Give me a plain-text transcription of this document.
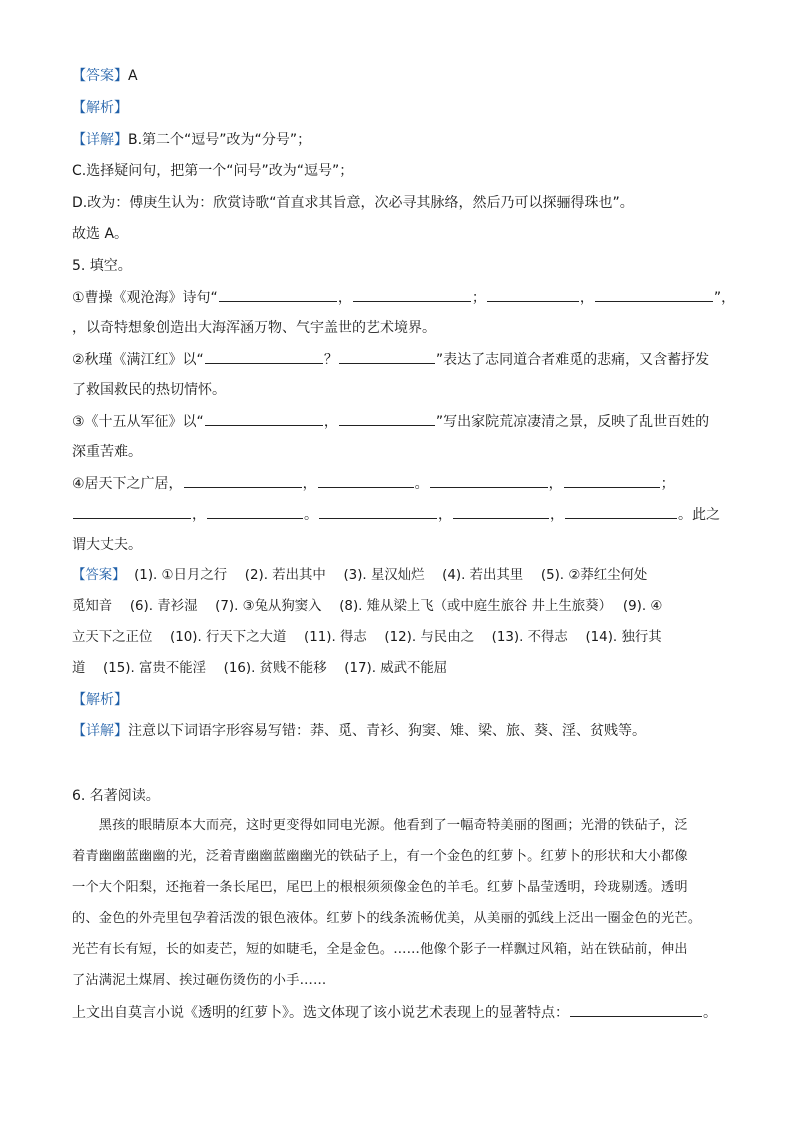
【答案】A
【解析】
【详解】B.第二个“逗号”改为“分号”；
C.选择疑问句，把第一个“问号”改为“逗号”；
D.改为：傅庚生认为：欣赏诗歌“首直求其旨意，次必寻其脉络，然后乃可以探骊得珠也”。
故选 A。
5. 填空。
①曹操《观沧海》诗句“	，	；	，	”，
，以奇特想象创造出大海浑涵万物、气宇盖世的艺术境界。
②秋瑾《满江红》以“	？	”表达了志同道合者难觅的悲痛，又含蓄抒发
了救国救民的热切情怀。
③《十五从军征》以“	，	”写出家院荒凉凄清之景，反映了乱世百姓的
深重苦难。
④居天下之广居，	，	。	，	；
，	。	，	，	。此之
谓大丈夫。
【答案】 (1). ①日月之行　 (2). 若出其中　 (3). 星汉灿烂　 (4). 若出其里　 (5). ②莽红尘何处
觅知音　 (6). 青衫湿　 (7). ③兔从狗窦入　 (8). 雉从梁上飞（或中庭生旅谷 井上生旅葵）　 (9). ④
立天下之正位　 (10). 行天下之大道　 (11). 得志　 (12). 与民由之　 (13). 不得志　 (14). 独行其
道　 (15). 富贵不能淫　 (16). 贫贱不能移　 (17). 威武不能屈
【解析】
【详解】注意以下词语字形容易写错：莽、觅、青衫、狗窦、雉、梁、旅、葵、淫、贫贱等。
6. 名著阅读。
　　黑孩的眼睛原本大而亮，这时更变得如同电光源。他看到了一幅奇特美丽的图画；光滑的铁砧子，泛
着青幽幽蓝幽幽的光，泛着青幽幽蓝幽幽光的铁砧子上，有一个金色的红萝卜。红萝卜的形状和大小都像
一个大个阳梨，还拖着一条长尾巴，尾巴上的根根须须像金色的羊毛。红萝卜晶莹透明，玲珑剔透。透明
的、金色的外壳里包孕着活泼的银色液体。红萝卜的线条流畅优美，从美丽的弧线上泛出一圈金色的光芒。
光芒有长有短，长的如麦芒，短的如睫毛，全是金色。……他像个影子一样飘过风箱，站在铁砧前，伸出
了沾满泥土煤屑、挨过砸伤烫伤的小手……
上文出自莫言小说《透明的红萝卜》。选文体现了该小说艺术表现上的显著特点：	。
